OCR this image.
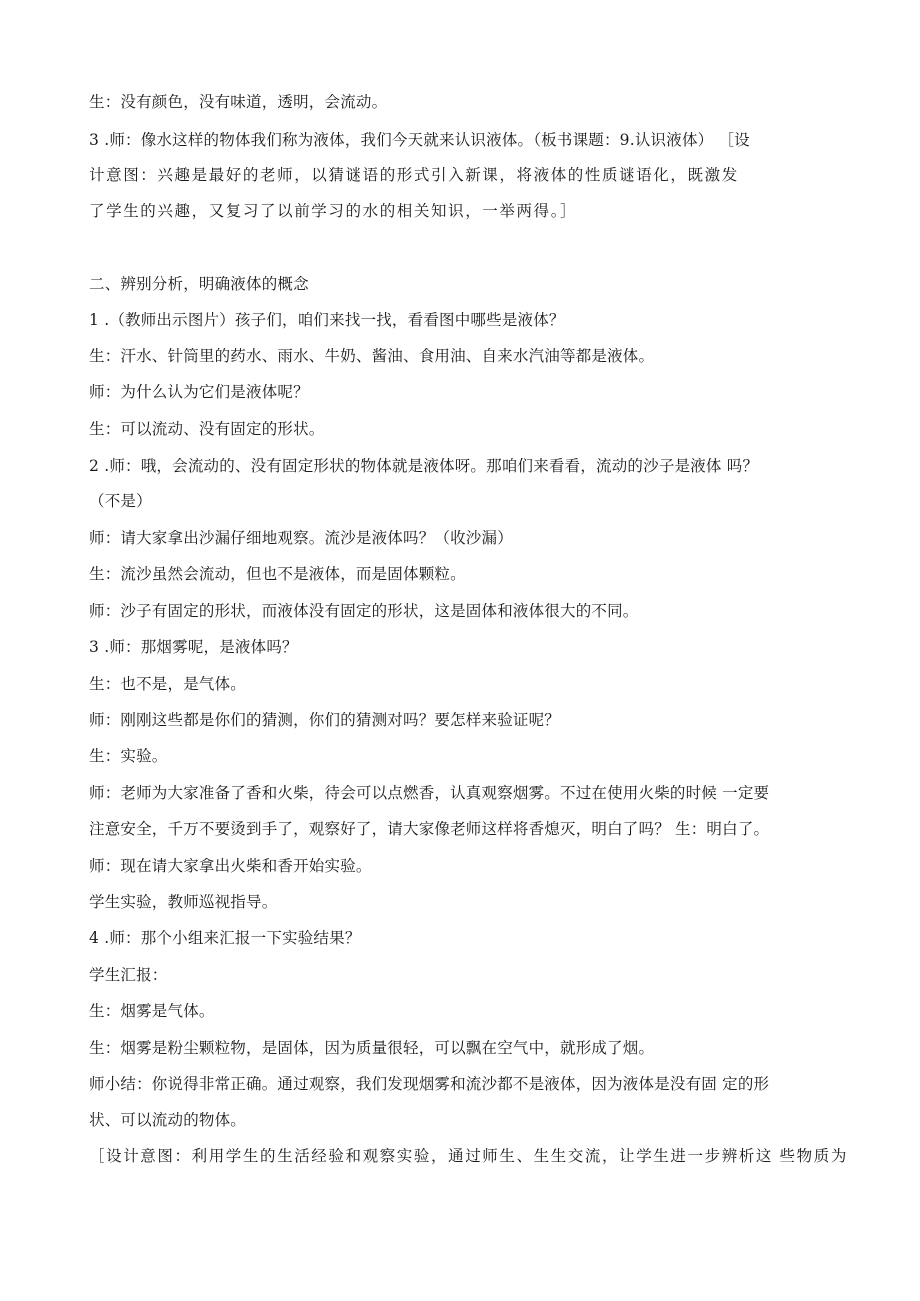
生：没有颜色，没有味道，透明，会流动。
3 .师：像水这样的物体我们称为液体，我们今天就来认识液体。（板书课题：9.认识液体） ［设
计意图：兴趣是最好的老师，以猜谜语的形式引入新课，将液体的性质谜语化，既激发
了学生的兴趣，又复习了以前学习的水的相关知识，一举两得。］
二、辨别分析，明确液体的概念
1 .（教师出示图片）孩子们，咱们来找一找，看看图中哪些是液体？
生：汗水、针筒里的药水、雨水、牛奶、酱油、食用油、自来水汽油等都是液体。
师：为什么认为它们是液体呢？
生：可以流动、没有固定的形状。
2 .师：哦，会流动的、没有固定形状的物体就是液体呀。那咱们来看看，流动的沙子是液体 吗？
（不是）
师：请大家拿出沙漏仔细地观察。流沙是液体吗？（收沙漏）
生：流沙虽然会流动，但也不是液体，而是固体颗粒。
师：沙子有固定的形状，而液体没有固定的形状，这是固体和液体很大的不同。
3 .师：那烟雾呢，是液体吗？
生：也不是，是气体。
师：刚刚这些都是你们的猜测，你们的猜测对吗？要怎样来验证呢？
生：实验。
师：老师为大家准备了香和火柴，待会可以点燃香，认真观察烟雾。不过在使用火柴的时候 一定要
注意安全，千万不要烫到手了，观察好了，请大家像老师这样将香熄灭，明白了吗？ 生：明白了。
师：现在请大家拿出火柴和香开始实验。
学生实验，教师巡视指导。
4 .师：那个小组来汇报一下实验结果？
学生汇报：
生：烟雾是气体。
生：烟雾是粉尘颗粒物，是固体，因为质量很轻，可以飘在空气中，就形成了烟。
师小结：你说得非常正确。通过观察，我们发现烟雾和流沙都不是液体，因为液体是没有固 定的形
状、可以流动的物体。
［设计意图：利用学生的生活经验和观察实验，通过师生、生生交流，让学生进一步辨析这 些物质为
